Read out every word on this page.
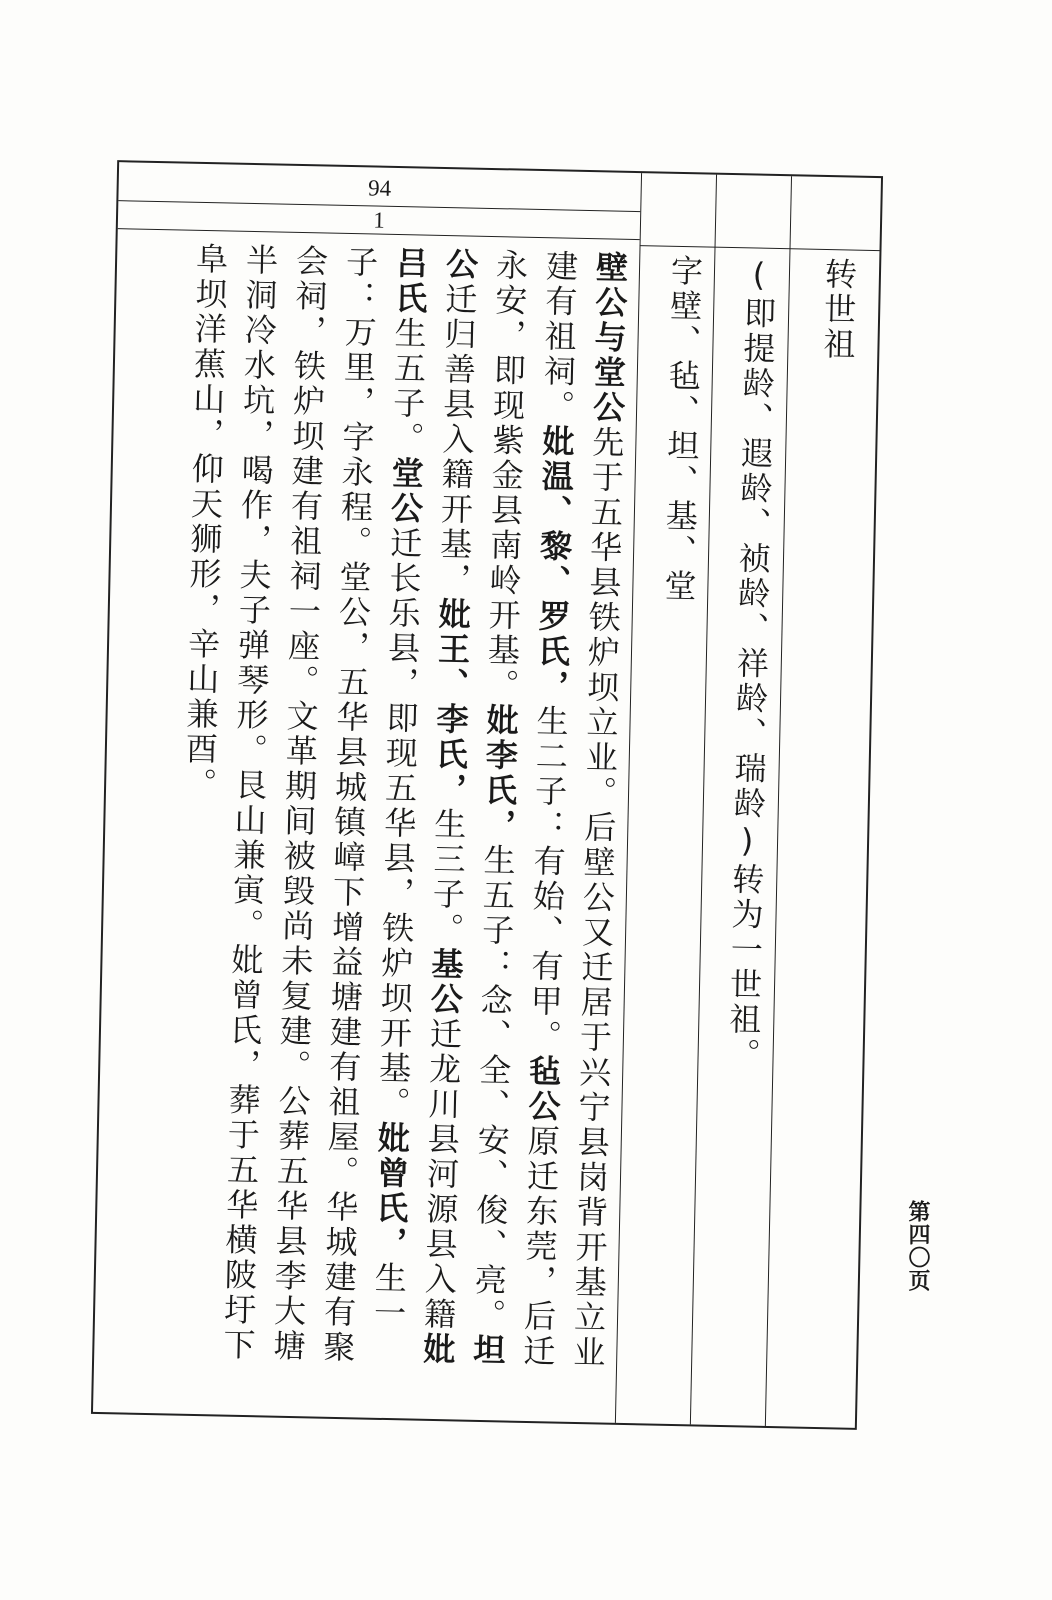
94
1
转世祖
(即提龄、遐龄、祯龄、祥龄、瑞龄)转为一世祖。
字壁、毡、坦、基、堂
壁公与堂公先于五华县铁炉坝立业。后壁公又迁居于兴宁县岗背开基立业建有祖祠。妣温、黎、罗氏，生二子：有始、有甲。毡公原迁东莞，后迁永安，即现紫金县南岭开基。妣李氏，生五子：念、全、安、俊、亮。坦公迁归善县入籍开基，妣王、李氏，生三子。基公迁龙川县河源县入籍妣吕氏生五子。堂公迁长乐县，即现五华县，铁炉坝开基。妣曾氏，生一子：万里，字永程。堂公，五华县城镇嶂下增益塘建有祖屋。华城建有聚会祠，铁炉坝建有祖祠一座。文革期间被毁尚未复建。公葬五华县李大塘半洞冷水坑，喝作，夫子弹琴形。艮山兼寅。妣曾氏，葬于五华横陂圩下阜坝洋蕉山，仰天狮形，辛山兼酉。
第四〇页
